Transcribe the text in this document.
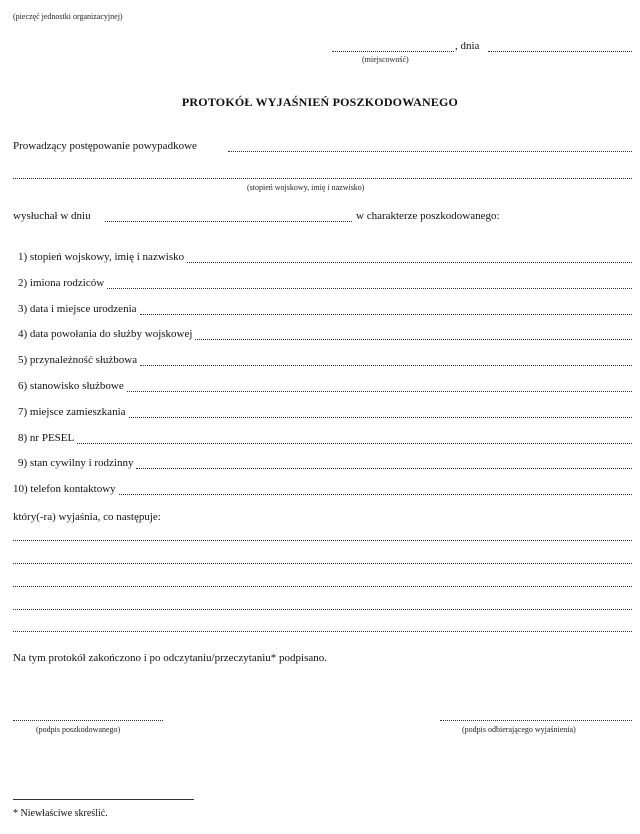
(pieczęć jednostki organizacyjnej)
, dnia
(miejscowość)
PROTOKÓŁ WYJAŚNIEŃ POSZKODOWANEGO
Prowadzący postępowanie powypadkowe
(stopień wojskowy, imię i nazwisko)
wysłuchał w dniu	w charakterze poszkodowanego:
1) stopień wojskowy, imię i nazwisko
2) imiona rodziców
3) data i miejsce urodzenia
4) data powołania do służby wojskowej
5) przynależność służbowa
6) stanowisko służbowe
7) miejsce zamieszkania
8) nr PESEL
9) stan cywilny i rodzinny
10) telefon kontaktowy
który(-ra) wyjaśnia, co następuje:
Na tym protokół zakończono i po odczytaniu/przeczytaniu* podpisano.
(podpis poszkodowanego)	(podpis odbierającego wyjaśnienia)
* Niewłaściwe skreślić.
